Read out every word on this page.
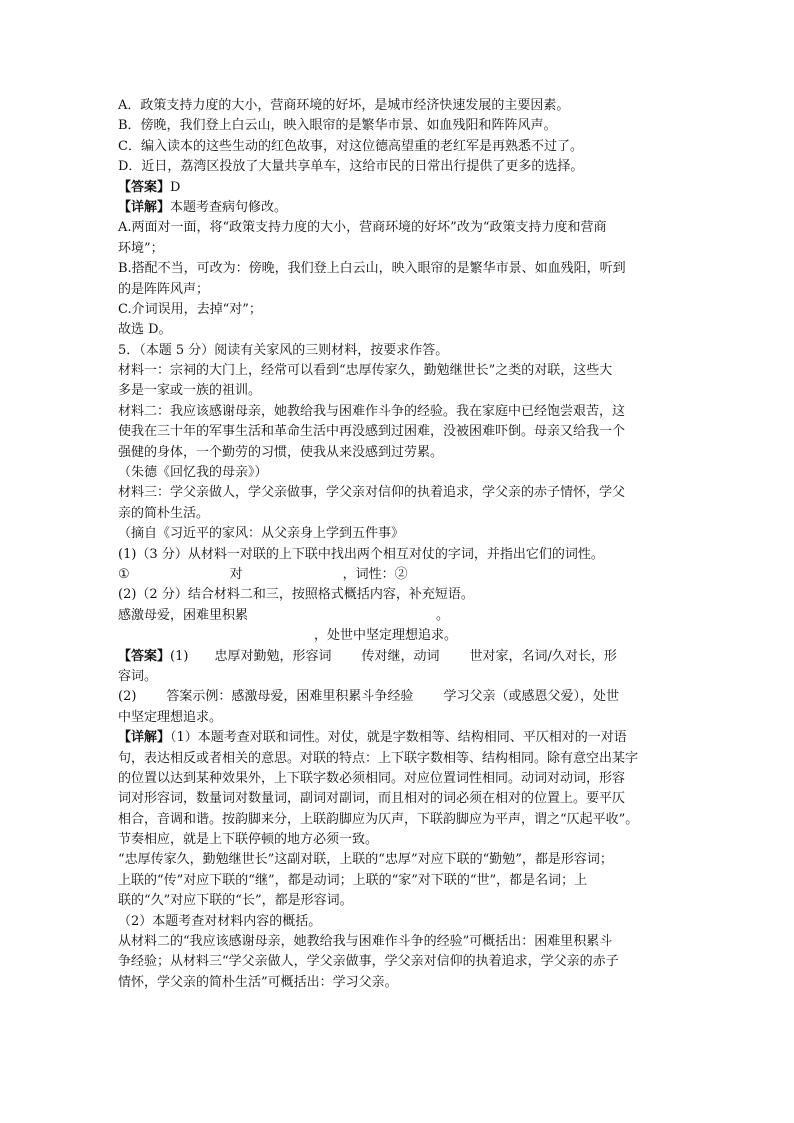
A．政策支持力度的大小，营商环境的好坏，是城市经济快速发展的主要因素。
B．傍晚，我们登上白云山，映入眼帘的是繁华市景、如血残阳和阵阵风声。
C．编入读本的这些生动的红色故事，对这位德高望重的老红军是再熟悉不过了。
D．近日，荔湾区投放了大量共享单车，这给市民的日常出行提供了更多的选择。
【答案】D
【详解】本题考查病句修改。
A.两面对一面，将“政策支持力度的大小，营商环境的好坏”改为“政策支持力度和营商
环境”；
B.搭配不当，可改为：傍晚，我们登上白云山，映入眼帘的是繁华市景、如血残阳，听到
的是阵阵风声；
C.介词误用，去掉“对”；
故选 D。
5．（本题 5 分）阅读有关家风的三则材料，按要求作答。
材料一：宗祠的大门上，经常可以看到“忠厚传家久，勤勉继世长”之类的对联，这些大
多是一家或一族的祖训。
材料二：我应该感谢母亲，她教给我与困难作斗争的经验。我在家庭中已经饱尝艰苦，这
使我在三十年的军事生活和革命生活中再没感到过困难，没被困难吓倒。母亲又给我一个
强健的身体，一个勤劳的习惯，使我从来没感到过劳累。
（朱德《回忆我的母亲》）
材料三：学父亲做人，学父亲做事，学父亲对信仰的执着追求，学父亲的赤子情怀，学父
亲的简朴生活。
（摘自《习近平的家风：从父亲身上学到五件事》
(1)（3 分）从材料一对联的上下联中找出两个相互对仗的字词，并指出它们的词性。
①	对	，词性：②
(2)（2 分）结合材料二和三，按照格式概括内容，补充短语。
感激母爱，困难里积累	。
，处世中坚定理想追求。
【答案】(1) 忠厚对勤勉，形容词 传对继，动词 世对家，名词/久对长，形
容词。
(2) 答案示例：感激母爱，困难里积累斗争经验 学习父亲（或感恩父爱），处世
中坚定理想追求。
【详解】（1）本题考查对联和词性。对仗，就是字数相等、结构相同、平仄相对的一对语
句，表达相反或者相关的意思。对联的特点：上下联字数相等、结构相同。除有意空出某字
的位置以达到某种效果外，上下联字数必须相同。对应位置词性相同。动词对动词，形容
词对形容词，数量词对数量词，副词对副词，而且相对的词必须在相对的位置上。要平仄
相合，音调和谐。按韵脚来分，上联韵脚应为仄声，下联韵脚应为平声，谓之“仄起平收”。
节奏相应，就是上下联停顿的地方必须一致。
“忠厚传家久，勤勉继世长”这副对联，上联的“忠厚”对应下联的“勤勉”，都是形容词；
上联的“传”对应下联的“继”，都是动词；上联的“家”对下联的“世”，都是名词；上
联的“久”对应下联的“长”，都是形容词。
（2）本题考查对材料内容的概括。
从材料二的“我应该感谢母亲，她教给我与困难作斗争的经验”可概括出：困难里积累斗
争经验；从材料三“学父亲做人，学父亲做事，学父亲对信仰的执着追求，学父亲的赤子
情怀，学父亲的简朴生活”可概括出：学习父亲。
